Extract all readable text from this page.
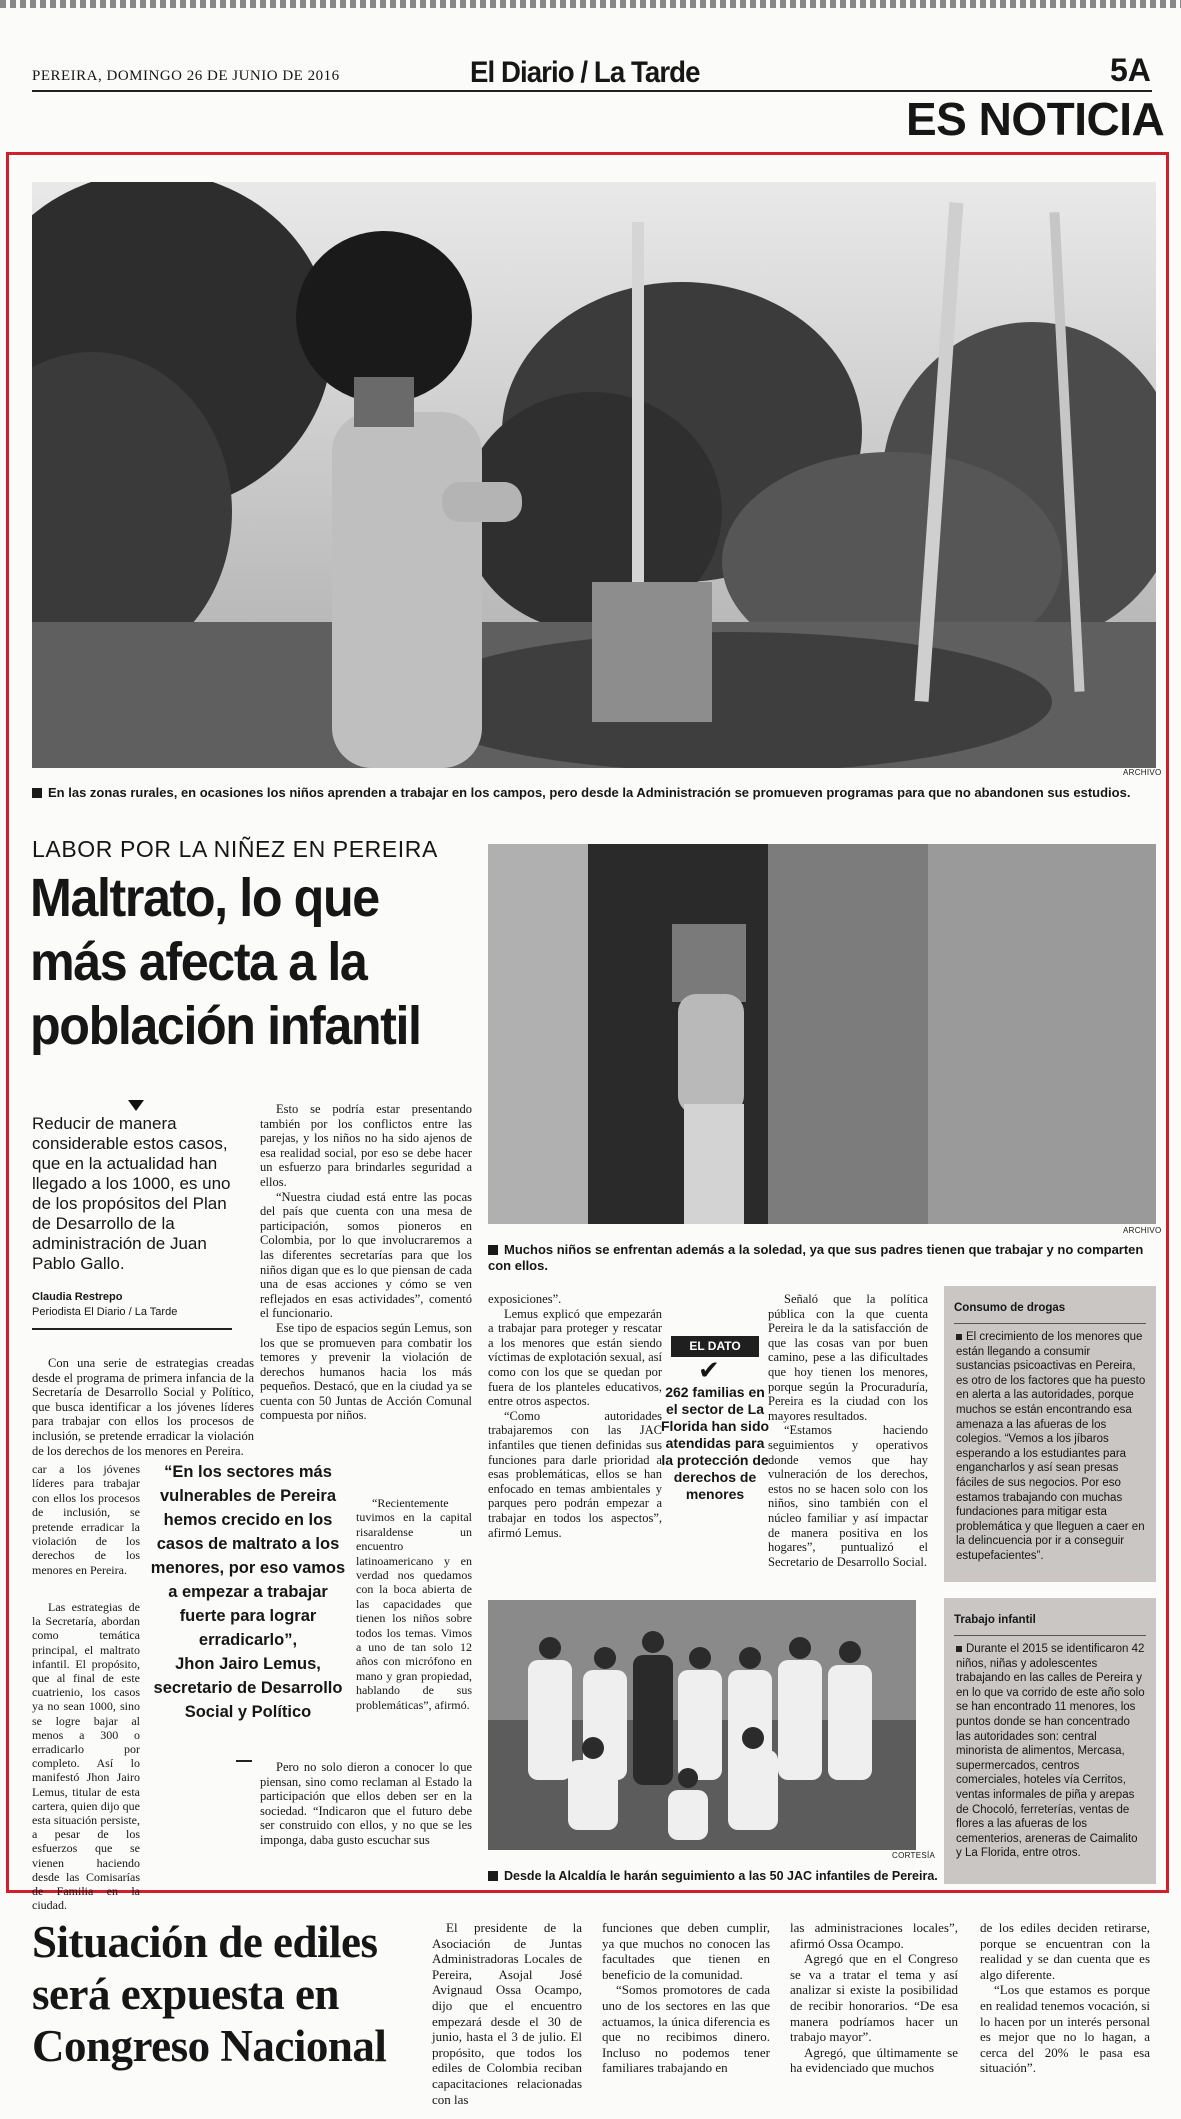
PEREIRA, DOMINGO 26 DE JUNIO DE 2016	El Diario / La Tarde	5A
ES NOTICIA
En las zonas rurales, en ocasiones los niños aprenden a trabajar en los campos, pero desde la Administración se promueven programas para que no abandonen sus estudios.
ARCHIVO
LABOR POR LA NIÑEZ EN PEREIRA
Maltrato, lo que más afecta a la población infantil
Reducir de manera considerable estos casos, que en la actualidad han llegado a los 1000, es uno de los propósitos del Plan de Desarrollo de la administración de Juan Pablo Gallo.
Claudia Restrepo
Periodista El Diario / La Tarde
Muchos niños se enfrentan además a la soledad, ya que sus padres tienen que trabajar y no comparten con ellos.
ARCHIVO

Con una serie de estrategias creadas desde el programa de primera infancia de la Secretaría de Desarrollo Social y Político, que busca identificar a los jóvenes líderes para trabajar con ellos los procesos de inclusión, se pretende erradicar la violación de los derechos de los menores en Pereira.

car a los jóvenes líderes para trabajar con ellos los procesos de inclusión, se pretende erradicar la violación de los derechos de los menores en Pereira.

Las estrategias de la Secretaría, abordan como temática principal, el maltrato infantil. El propósito, que al final de este cuatrienio, los casos ya no sean 1000, sino se logre bajar al menos a 300 o erradicarlo por completo. Así lo manifestó Jhon Jairo Lemus, titular de esta cartera, quien dijo que esta situación persiste, a pesar de los esfuerzos que se vienen haciendo desde las Comisarías de Familia en la ciudad.

Esto se podría estar presentando también por los conflictos entre las parejas, y los niños no ha sido ajenos de esa realidad social, por eso se debe hacer un esfuerzo para brindarles seguridad a ellos.

“Nuestra ciudad está entre las pocas del país que cuenta con una mesa de participación, somos pioneros en Colombia, por lo que involucraremos a las diferentes secretarías para que los niños digan que es lo que piensan de cada una de esas acciones y cómo se ven reflejados en esas actividades”, comentó el funcionario.

Ese tipo de espacios según Lemus, son los que se promueven para combatir los temores y prevenir la violación de derechos humanos hacia los más pequeños. Destacó, que en la ciudad ya se cuenta con 50 Juntas de Acción Comunal compuesta por niños.

“Recientemente tuvimos en la capital risaraldense un encuentro latinoamericano y en verdad nos quedamos con la boca abierta de las capacidades que tienen los niños sobre todos los temas. Vimos a uno de tan solo 12 años con micrófono en mano y gran propiedad, hablando de sus problemáticas”, afirmó.

Pero no solo dieron a conocer lo que piensan, sino como reclaman al Estado la participación que ellos deben ser en la sociedad. “Indicaron que el futuro debe ser construido con ellos, y no que se les imponga, daba gusto escuchar sus

exposiciones”.

Lemus explicó que empezarán a trabajar para proteger y rescatar a los menores que están siendo víctimas de explotación sexual, así como con los que se quedan por fuera de los planteles educativos, entre otros aspectos.

“Como autoridades trabajaremos con las JAC infantiles que tienen definidas sus funciones para darle prioridad a esas problemáticas, ellos se han enfocado en temas ambientales y parques pero podrán empezar a trabajar en todos los aspectos”, afirmó Lemus.

Señaló que la política pública con la que cuenta Pereira le da la satisfacción de que las cosas van por buen camino, pese a las dificultades que hoy tienen los menores, porque según la Procuraduría, Pereira es la ciudad con los mayores resultados.

“Estamos haciendo seguimientos y operativos donde vemos que hay vulneración de los derechos, estos no se hacen solo con los niños, sino también con el núcleo familiar y así impactar de manera positiva en los hogares”, puntualizó el Secretario de Desarrollo Social.

“En los sectores más vulnerables de Pereira hemos crecido en los casos de maltrato a los menores, por eso vamos a empezar a trabajar fuerte para lograr erradicarlo”,
Jhon Jairo Lemus, secretario de Desarrollo Social y Político
EL DATO
✔
262 familias en el sector de La Florida han sido atendidas para la protección de derechos de menores
CORTESÍA
Desde la Alcaldía le harán seguimiento a las 50 JAC infantiles de Pereira.
Consumo de drogas
El crecimiento de los menores que están llegando a consumir sustancias psicoactivas en Pereira, es otro de los factores que ha puesto en alerta a las autoridades, porque muchos se están encontrando esa amenaza a las afueras de los colegios. “Vemos a los jíbaros esperando a los estudiantes para engancharlos y así sean presas fáciles de sus negocios. Por eso estamos trabajando con muchas fundaciones para mitigar esta problemática y que lleguen a caer en la delincuencia por ir a conseguir estupefacientes”.
Trabajo infantil
Durante el 2015 se identificaron 42 niños, niñas y adolescentes trabajando en las calles de Pereira y en lo que va corrido de este año solo se han encontrado 11 menores, los puntos donde se han concentrado las autoridades son: central minorista de alimentos, Mercasa, supermercados, centros comerciales, hoteles vía Cerritos, ventas informales de piña y arepas de Chocoló, ferreterías, ventas de flores a las afueras de los cementerios, areneras de Caimalito y La Florida, entre otros.
Situación de ediles será expuesta en Congreso Nacional

El presidente de la Asociación de Juntas Administradoras Locales de Pereira, Asojal José Avignaud Ossa Ocampo, dijo que el encuentro empezará desde el 30 de junio, hasta el 3 de julio. El propósito, que todos los ediles de Colombia reciban capacitaciones relacionadas con las

funciones que deben cumplir, ya que muchos no conocen las facultades que tienen en beneficio de la comunidad.

“Somos promotores de cada uno de los sectores en las que actuamos, la única diferencia es que no recibimos dinero. Incluso no podemos tener familiares trabajando en

las administraciones locales”, afirmó Ossa Ocampo.

Agregó que en el Congreso se va a tratar el tema y así analizar si existe la posibilidad de recibir honorarios. “De esa manera podríamos hacer un trabajo mayor”.

Agregó, que últimamente se ha evidenciado que muchos

de los ediles deciden retirarse, porque se encuentran con la realidad y se dan cuenta que es algo diferente.

“Los que estamos es porque en realidad tenemos vocación, si lo hacen por un interés personal es mejor que no lo hagan, a cerca del 20% le pasa esa situación”.
